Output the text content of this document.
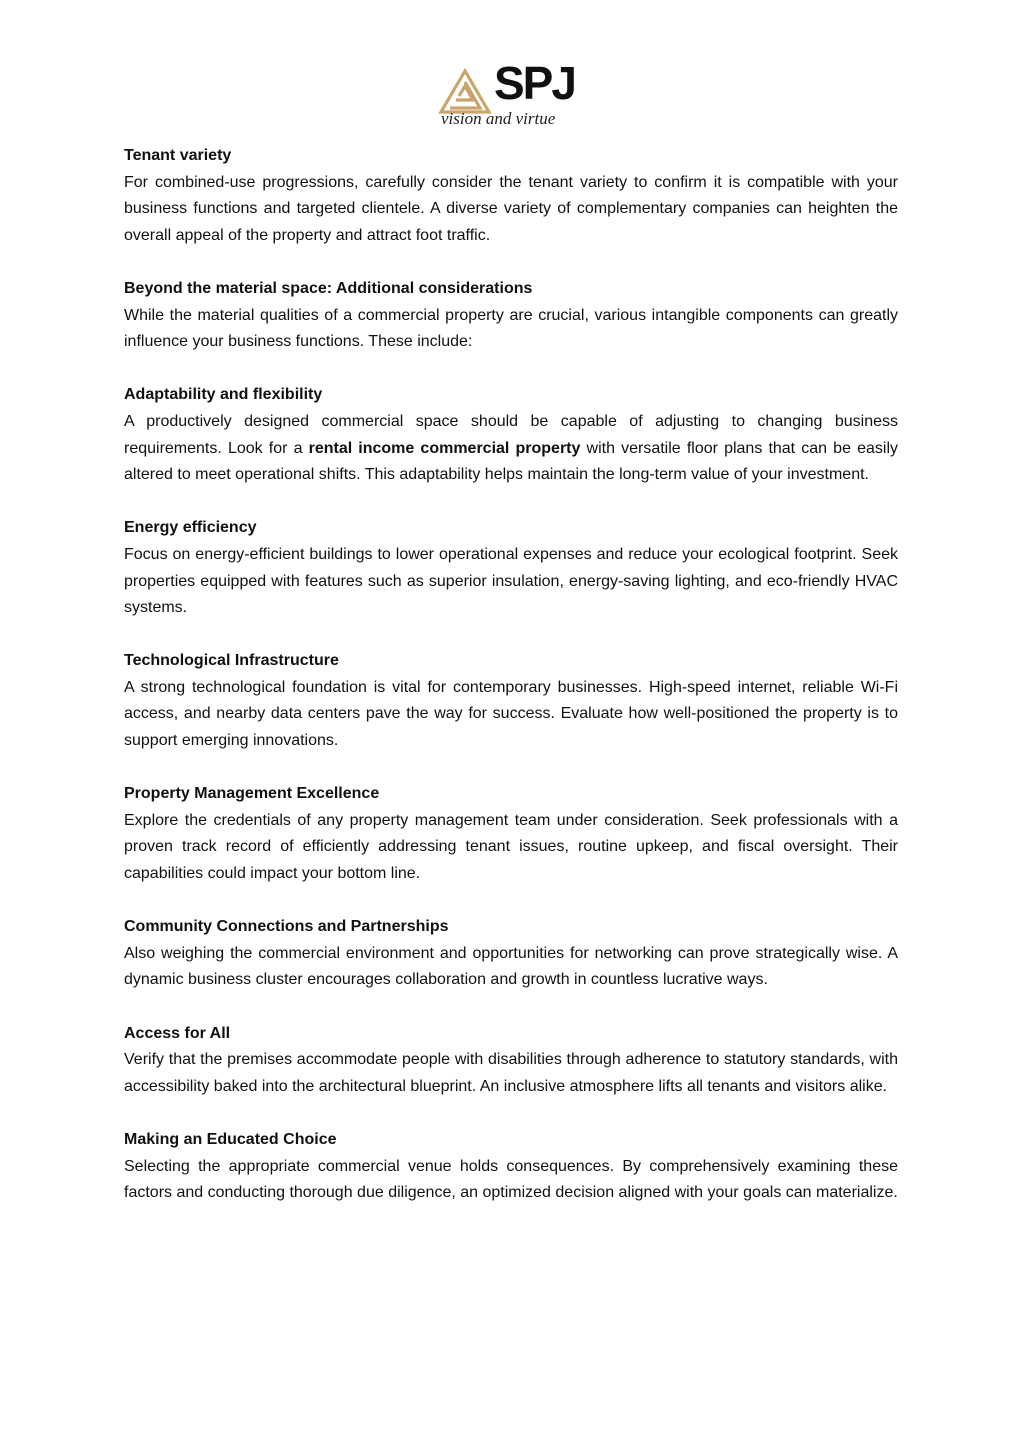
SPJ
vision and virtue
Tenant variety

For combined-use progressions, carefully consider the tenant variety to confirm it is compatible with your business functions and targeted clientele. A diverse variety of complementary companies can heighten the overall appeal of the property and attract foot traffic.

Beyond the material space: Additional considerations

While the material qualities of a commercial property are crucial, various intangible components can greatly influence your business functions. These include:

Adaptability and flexibility

A productively designed commercial space should be capable of adjusting to changing business requirements. Look for a rental income commercial property with versatile floor plans that can be easily altered to meet operational shifts. This adaptability helps maintain the long-term value of your investment.

Energy efficiency

Focus on energy-efficient buildings to lower operational expenses and reduce your ecological footprint. Seek properties equipped with features such as superior insulation, energy-saving lighting, and eco-friendly HVAC systems.

Technological Infrastructure

A strong technological foundation is vital for contemporary businesses. High-speed internet, reliable Wi-Fi access, and nearby data centers pave the way for success. Evaluate how well-positioned the property is to support emerging innovations.

Property Management Excellence

Explore the credentials of any property management team under consideration. Seek professionals with a proven track record of efficiently addressing tenant issues, routine upkeep, and fiscal oversight. Their capabilities could impact your bottom line.

Community Connections and Partnerships

Also weighing the commercial environment and opportunities for networking can prove strategically wise. A dynamic business cluster encourages collaboration and growth in countless lucrative ways.

Access for All

Verify that the premises accommodate people with disabilities through adherence to statutory standards, with accessibility baked into the architectural blueprint. An inclusive atmosphere lifts all tenants and visitors alike.

Making an Educated Choice

Selecting the appropriate commercial venue holds consequences. By comprehensively examining these factors and conducting thorough due diligence, an optimized decision aligned with your goals can materialize.
